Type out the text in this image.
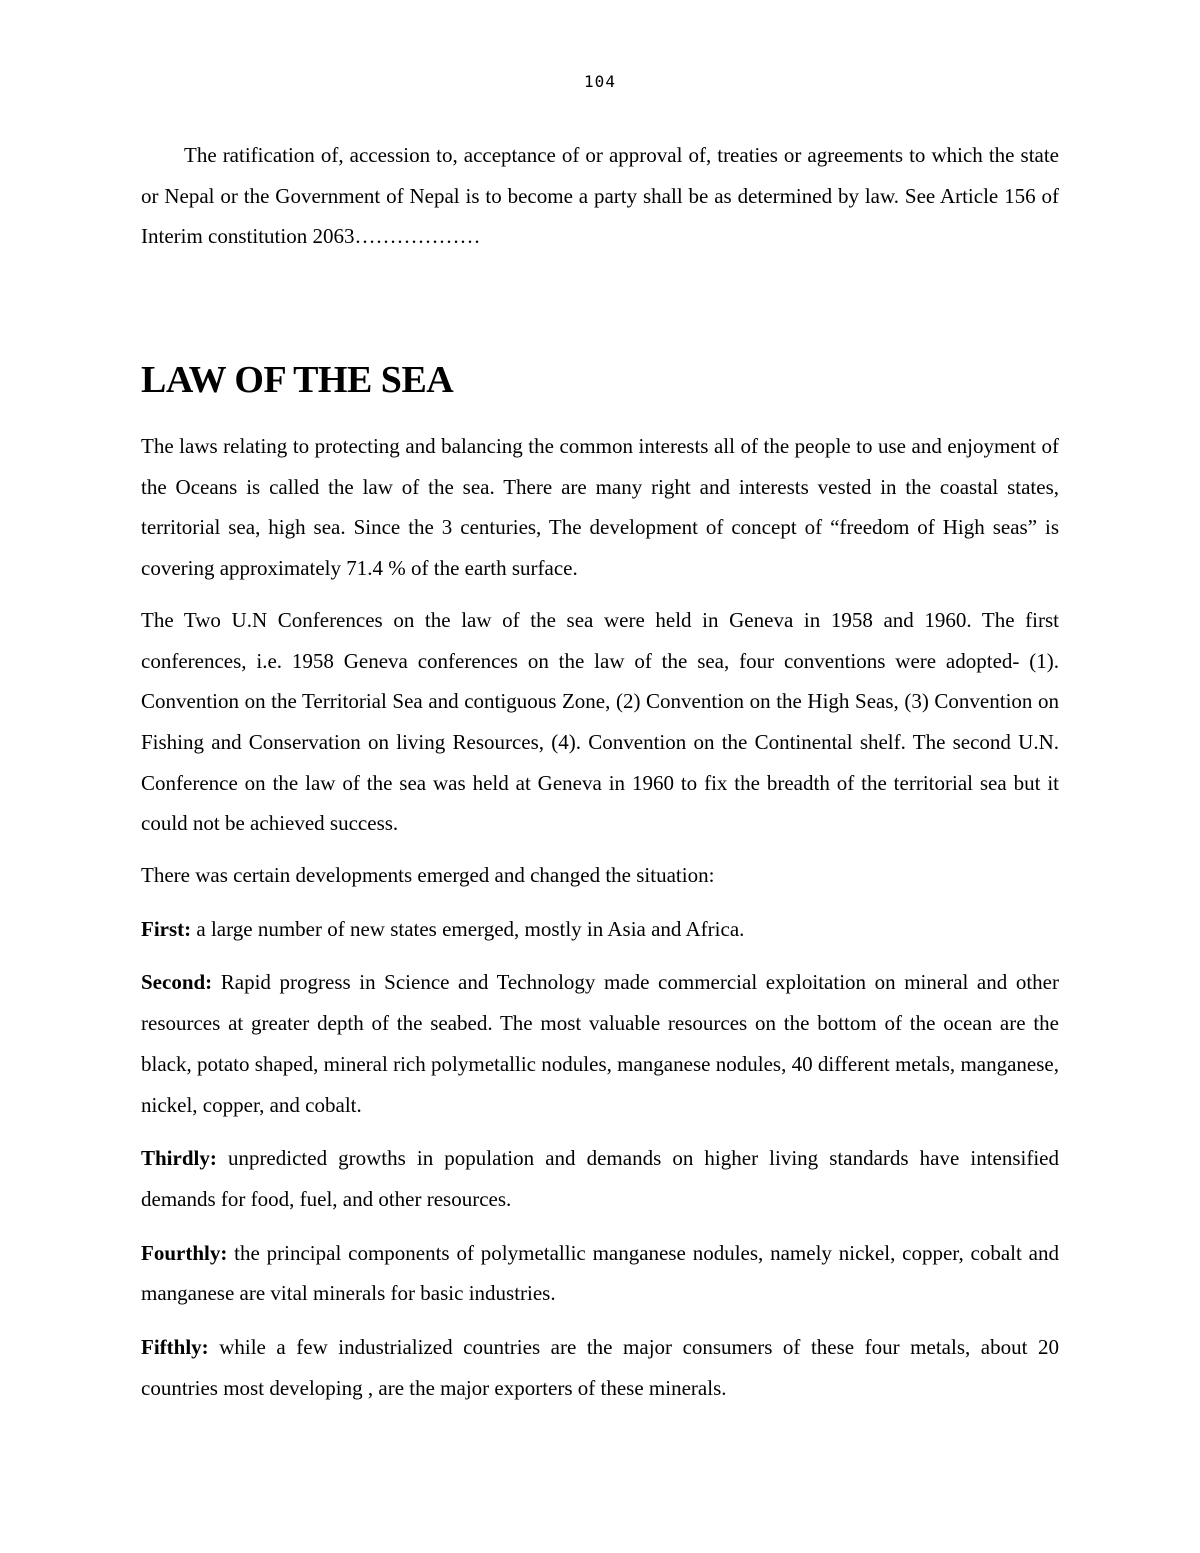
104

The ratification of, accession to, acceptance of or approval of, treaties or agreements to which the state or Nepal or the Government of Nepal is to become a party shall be as determined by law. See Article 156 of Interim constitution 2063………………

LAW OF THE SEA

The laws relating to protecting and balancing the common interests all of the people to use and enjoyment of the Oceans is called the law of the sea. There are many right and interests vested in the coastal states, territorial sea, high sea. Since the 3 centuries, The development of concept of “freedom of High seas” is covering approximately 71.4 % of the earth surface.

The Two U.N Conferences on the law of the sea were held in Geneva in 1958 and 1960. The first conferences, i.e. 1958 Geneva conferences on the law of the sea, four conventions were adopted- (1). Convention on the Territorial Sea and contiguous Zone, (2) Convention on the High Seas, (3) Convention on Fishing and Conservation on living Resources, (4). Convention on the Continental shelf. The second U.N. Conference on the law of the sea was held at Geneva in 1960 to fix the breadth of the territorial sea but it could not be achieved success.

There was certain developments emerged and changed the situation:

First: a large number of new states emerged, mostly in Asia and Africa.

Second: Rapid progress in Science and Technology made commercial exploitation on mineral and other resources at greater depth of the seabed. The most valuable resources on the bottom of the ocean are the black, potato shaped, mineral rich polymetallic nodules, manganese nodules, 40 different metals, manganese, nickel, copper, and cobalt.

Thirdly: unpredicted growths in population and demands on higher living standards have intensified demands for food, fuel, and other resources.

Fourthly: the principal components of polymetallic manganese nodules, namely nickel, copper, cobalt and manganese are vital minerals for basic industries.

Fifthly: while a few industrialized countries are the major consumers of these four metals, about 20 countries most developing , are the major exporters of these minerals.
